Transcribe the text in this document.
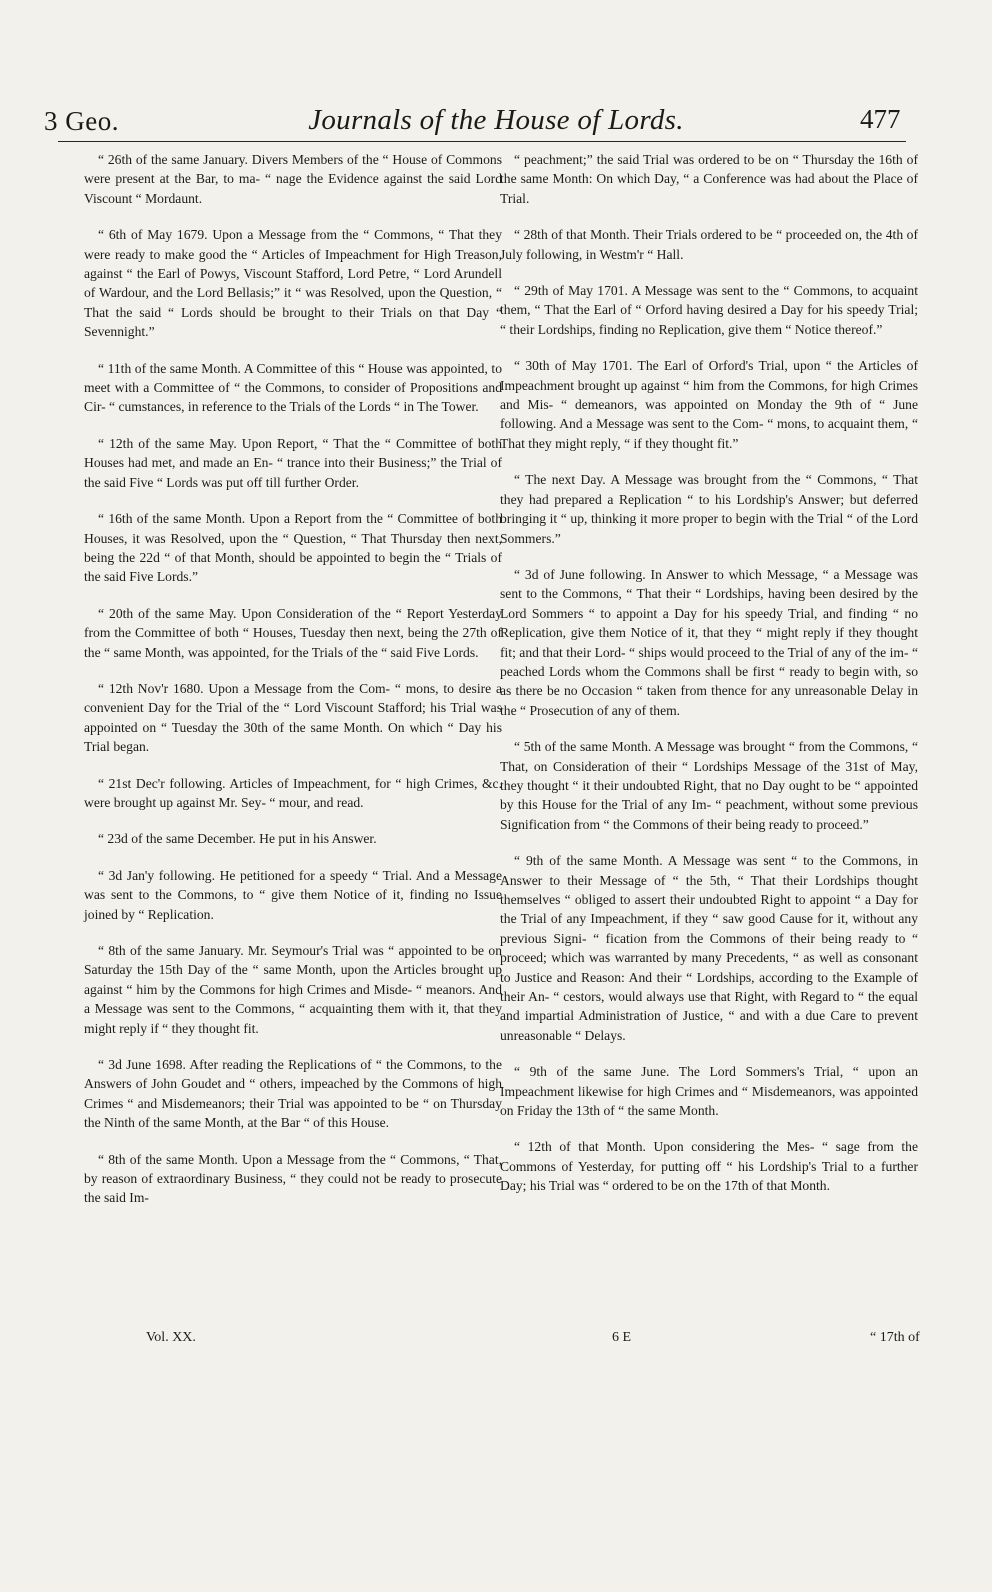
3 Geo.	Journals of the House of Lords.	477

“ 26th of the same January. Divers Members of the “ House of Commons were present at the Bar, to ma- “ nage the Evidence against the said Lord Viscount “ Mordaunt.

“ 6th of May 1679. Upon a Message from the “ Commons, “ That they were ready to make good the “ Articles of Impeachment for High Treason, against “ the Earl of Powys, Viscount Stafford, Lord Petre, “ Lord Arundell of Wardour, and the Lord Bellasis;” it “ was Resolved, upon the Question, “ That the said “ Lords should be brought to their Trials on that Day “ Sevennight.”

“ 11th of the same Month. A Committee of this “ House was appointed, to meet with a Committee of “ the Commons, to consider of Propositions and Cir- “ cumstances, in reference to the Trials of the Lords “ in The Tower.

“ 12th of the same May. Upon Report, “ That the “ Committee of both Houses had met, and made an En- “ trance into their Business;” the Trial of the said Five “ Lords was put off till further Order.

“ 16th of the same Month. Upon a Report from the “ Committee of both Houses, it was Resolved, upon the “ Question, “ That Thursday then next, being the 22d “ of that Month, should be appointed to begin the “ Trials of the said Five Lords.”

“ 20th of the same May. Upon Consideration of the “ Report Yesterday from the Committee of both “ Houses, Tuesday then next, being the 27th of the “ same Month, was appointed, for the Trials of the “ said Five Lords.

“ 12th Nov'r 1680. Upon a Message from the Com- “ mons, to desire a convenient Day for the Trial of the “ Lord Viscount Stafford; his Trial was appointed on “ Tuesday the 30th of the same Month. On which “ Day his Trial began.

“ 21st Dec'r following. Articles of Impeachment, for “ high Crimes, &c. were brought up against Mr. Sey- “ mour, and read.

“ 23d of the same December. He put in his Answer.

“ 3d Jan'y following. He petitioned for a speedy “ Trial. And a Message was sent to the Commons, to “ give them Notice of it, finding no Issue joined by “ Replication.

“ 8th of the same January. Mr. Seymour's Trial was “ appointed to be on Saturday the 15th Day of the “ same Month, upon the Articles brought up against “ him by the Commons for high Crimes and Misde- “ meanors. And a Message was sent to the Commons, “ acquainting them with it, that they might reply if “ they thought fit.

“ 3d June 1698. After reading the Replications of “ the Commons, to the Answers of John Goudet and “ others, impeached by the Commons of high Crimes “ and Misdemeanors; their Trial was appointed to be “ on Thursday the Ninth of the same Month, at the Bar “ of this House.

“ 8th of the same Month. Upon a Message from the “ Commons, “ That, by reason of extraordinary Business, “ they could not be ready to prosecute the said Im-

“ peachment;” the said Trial was ordered to be on “ Thursday the 16th of the same Month: On which Day, “ a Conference was had about the Place of Trial.

“ 28th of that Month. Their Trials ordered to be “ proceeded on, the 4th of July following, in Westm'r “ Hall.

“ 29th of May 1701. A Message was sent to the “ Commons, to acquaint them, “ That the Earl of “ Orford having desired a Day for his speedy Trial; “ their Lordships, finding no Replication, give them “ Notice thereof.”

“ 30th of May 1701. The Earl of Orford's Trial, upon “ the Articles of Impeachment brought up against “ him from the Commons, for high Crimes and Mis- “ demeanors, was appointed on Monday the 9th of “ June following. And a Message was sent to the Com- “ mons, to acquaint them, “ That they might reply, “ if they thought fit.”

“ The next Day. A Message was brought from the “ Commons, “ That they had prepared a Replication “ to his Lordship's Answer; but deferred bringing it “ up, thinking it more proper to begin with the Trial “ of the Lord Sommers.”

“ 3d of June following. In Answer to which Message, “ a Message was sent to the Commons, “ That their “ Lordships, having been desired by the Lord Sommers “ to appoint a Day for his speedy Trial, and finding “ no Replication, give them Notice of it, that they “ might reply if they thought fit; and that their Lord- “ ships would proceed to the Trial of any of the im- “ peached Lords whom the Commons shall be first “ ready to begin with, so as there be no Occasion “ taken from thence for any unreasonable Delay in the “ Prosecution of any of them.

“ 5th of the same Month. A Message was brought “ from the Commons, “ That, on Consideration of their “ Lordships Message of the 31st of May, they thought “ it their undoubted Right, that no Day ought to be “ appointed by this House for the Trial of any Im- “ peachment, without some previous Signification from “ the Commons of their being ready to proceed.”

“ 9th of the same Month. A Message was sent “ to the Commons, in Answer to their Message of “ the 5th, “ That their Lordships thought themselves “ obliged to assert their undoubted Right to appoint “ a Day for the Trial of any Impeachment, if they “ saw good Cause for it, without any previous Signi- “ fication from the Commons of their being ready to “ proceed; which was warranted by many Precedents, “ as well as consonant to Justice and Reason: And their “ Lordships, according to the Example of their An- “ cestors, would always use that Right, with Regard to “ the equal and impartial Administration of Justice, “ and with a due Care to prevent unreasonable “ Delays.

“ 9th of the same June. The Lord Sommers's Trial, “ upon an Impeachment likewise for high Crimes and “ Misdemeanors, was appointed on Friday the 13th of “ the same Month.

“ 12th of that Month. Upon considering the Mes- “ sage from the Commons of Yesterday, for putting off “ his Lordship's Trial to a further Day; his Trial was “ ordered to be on the 17th of that Month.

Vol. XX.	6 E	“ 17th of
